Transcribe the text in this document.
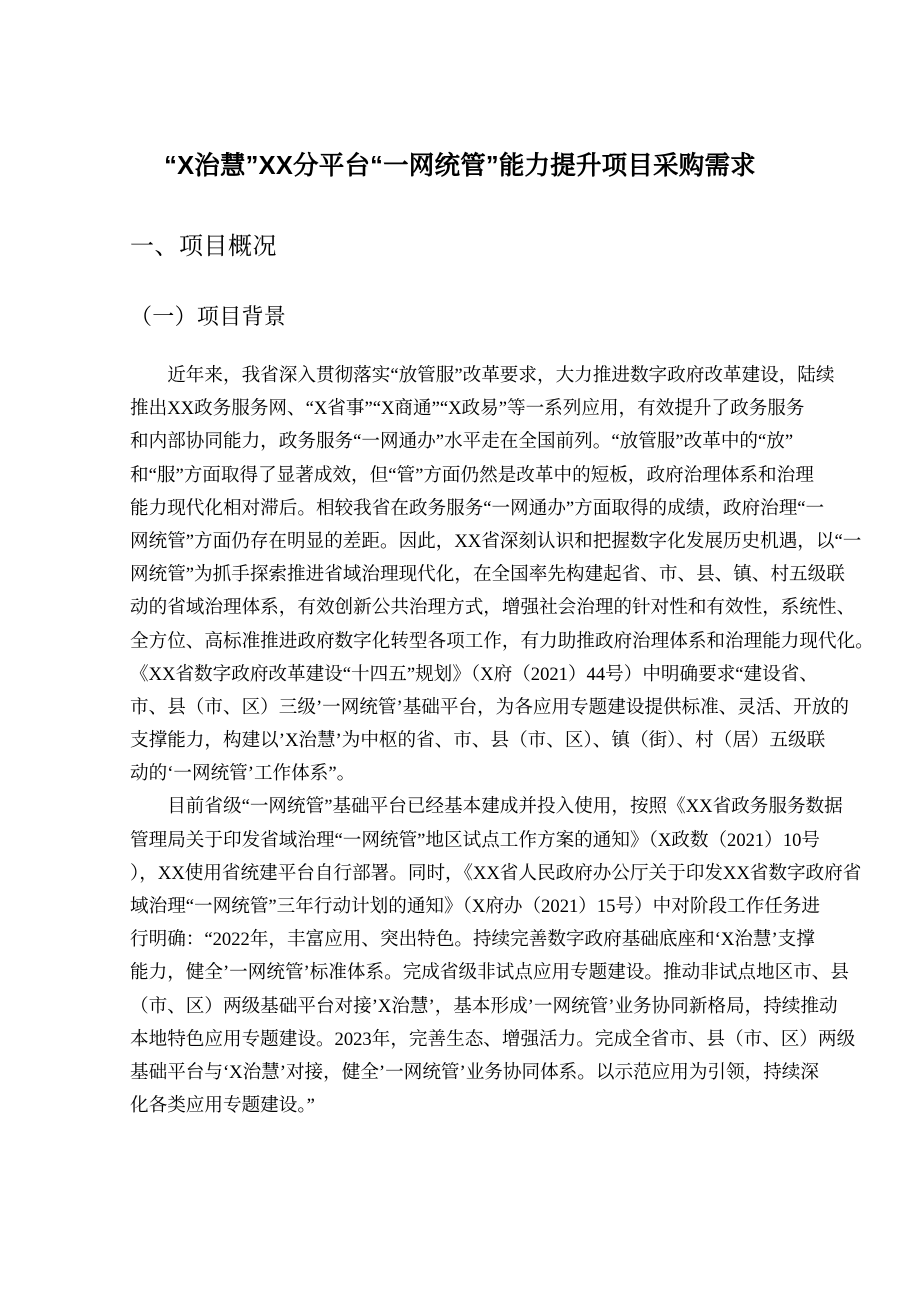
“X治慧”XX分平台“一网统管”能力提升项目采购需求
一、项目概况
（一）项目背景
　　近年来，我省深入贯彻落实“放管服”改革要求，大力推进数字政府改革建设，陆续
推出XX政务服务网、“X省事”“X商通”“X政易”等一系列应用，有效提升了政务服务
和内部协同能力，政务服务“一网通办”水平走在全国前列。“放管服”改革中的“放”
和“服”方面取得了显著成效，但“管”方面仍然是改革中的短板，政府治理体系和治理
能力现代化相对滞后。相较我省在政务服务“一网通办”方面取得的成绩，政府治理“一
网统管”方面仍存在明显的差距。因此，XX省深刻认识和把握数字化发展历史机遇，以“一
网统管”为抓手探索推进省域治理现代化，在全国率先构建起省、市、县、镇、村五级联
动的省域治理体系，有效创新公共治理方式，增强社会治理的针对性和有效性，系统性、
全方位、高标准推进政府数字化转型各项工作，有力助推政府治理体系和治理能力现代化。
《XX省数字政府改革建设“十四五”规划》（X府（2021）44号）中明确要求“建设省、
市、县（市、区）三级’一网统管’基础平台，为各应用专题建设提供标准、灵活、开放的
支撑能力，构建以’X治慧’为中枢的省、市、县（市、区）、镇（街）、村（居）五级联
动的‘一网统管’工作体系”。
　　目前省级“一网统管”基础平台已经基本建成并投入使用，按照《XX省政务服务数据
管理局关于印发省域治理“一网统管”地区试点工作方案的通知》（X政数（2021）10号
），XX使用省统建平台自行部署。同时，《XX省人民政府办公厅关于印发XX省数字政府省
域治理“一网统管”三年行动计划的通知》（X府办（2021）15号）中对阶段工作任务进
行明确：“2022年，丰富应用、突出特色。持续完善数字政府基础底座和‘X治慧’支撑
能力，健全’一网统管’标准体系。完成省级非试点应用专题建设。推动非试点地区市、县
（市、区）两级基础平台对接’X治慧’，基本形成’一网统管’业务协同新格局，持续推动
本地特色应用专题建设。2023年，完善生态、增强活力。完成全省市、县（市、区）两级
基础平台与‘X治慧’对接，健全’一网统管’业务协同体系。以示范应用为引领，持续深
化各类应用专题建设。”
